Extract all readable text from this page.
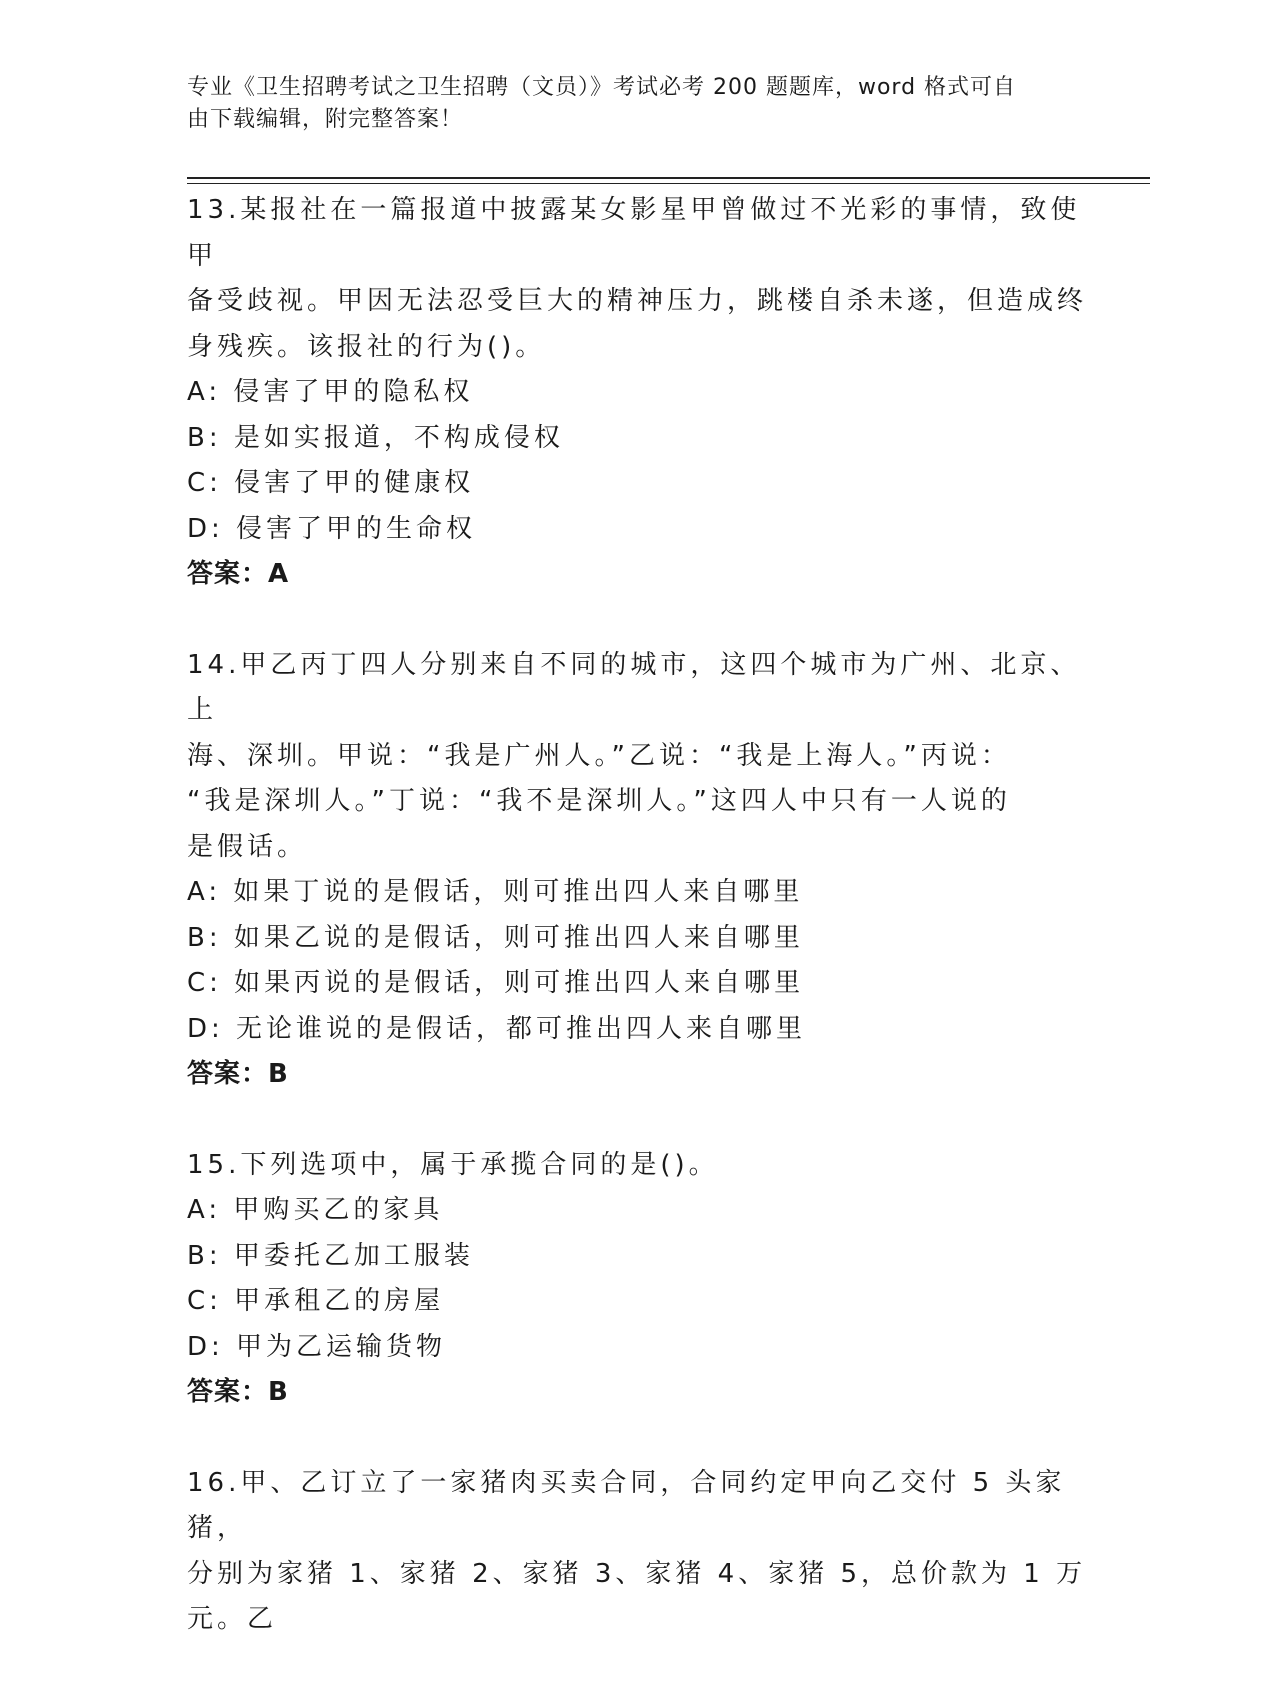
专业《卫生招聘考试之卫生招聘（文员）》考试必考 200 题题库，word 格式可自
由下载编辑，附完整答案！

13.某报社在一篇报道中披露某女影星甲曾做过不光彩的事情，致使甲

备受歧视。甲因无法忍受巨大的精神压力，跳楼自杀未遂，但造成终

身残疾。该报社的行为()。

A: 侵害了甲的隐私权

B: 是如实报道，不构成侵权

C: 侵害了甲的健康权

D: 侵害了甲的生命权

答案：A

14.甲乙丙丁四人分别来自不同的城市，这四个城市为广州、北京、上

海、深圳。甲说：“我是广州人。”乙说：“我是上海人。”丙说：

“我是深圳人。”丁说：“我不是深圳人。”这四人中只有一人说的

是假话。

A: 如果丁说的是假话，则可推出四人来自哪里

B: 如果乙说的是假话，则可推出四人来自哪里

C: 如果丙说的是假话，则可推出四人来自哪里

D: 无论谁说的是假话，都可推出四人来自哪里

答案：B

15.下列选项中，属于承揽合同的是()。

A: 甲购买乙的家具

B: 甲委托乙加工服装

C: 甲承租乙的房屋

D: 甲为乙运输货物

答案：B

16.甲、乙订立了一家猪肉买卖合同，合同约定甲向乙交付 5 头家猪，

分别为家猪 1、家猪 2、家猪 3、家猪 4、家猪 5，总价款为 1 万元。乙
